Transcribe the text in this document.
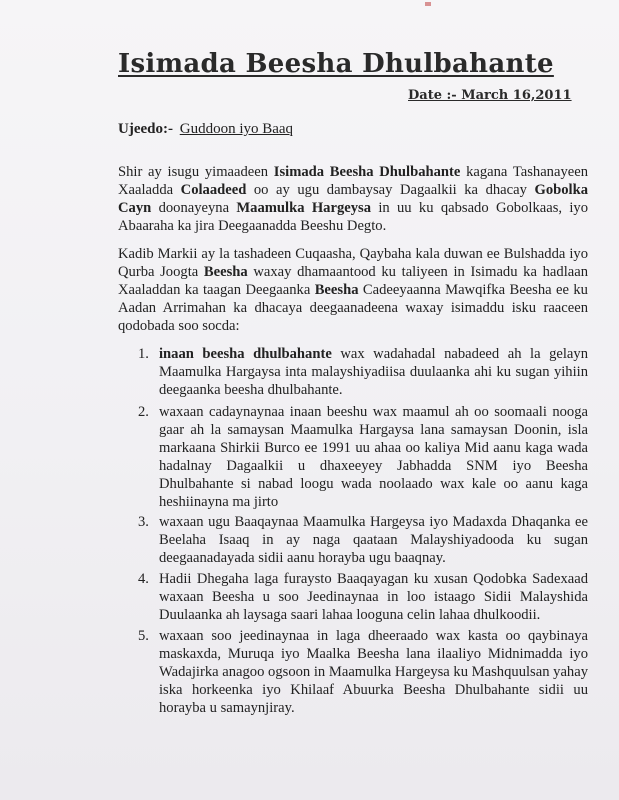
Isimada Beesha Dhulbahante
Date :- March 16,2011
Ujeedo:- Guddoon iyo Baaq

Shir ay isugu yimaadeen Isimada Beesha Dhulbahante kagana Tashanayeen Xaaladda Colaadeed oo ay ugu dambaysay Dagaalkii ka dhacay Gobolka Cayn doonayeyna Maamulka Hargeysa in uu ku qabsado Gobolkaas, iyo Abaaraha ka jira Deegaanadda Beeshu Degto.

Kadib Markii ay la tashadeen Cuqaasha, Qaybaha kala duwan ee Bulshadda iyo Qurba Joogta Beesha waxay dhamaantood ku taliyeen in Isimadu ka hadlaan Xaaladdan ka taagan Deegaanka Beesha Cadeeyaanna Mawqifka Beesha ee ku Aadan Arrimahan ka dhacaya deegaanadeena waxay isimaddu isku raaceen qodobada soo socda:

1. inaan beesha dhulbahante wax wadahadal nabadeed ah la gelayn Maamulka Hargaysa inta malayshiyadiisa duulaanka ahi ku sugan yihiin deegaanka beesha dhulbahante.
2. waxaan cadaynaynaa inaan beeshu wax maamul ah oo soomaali nooga gaar ah la samaysan Maamulka Hargaysa lana samaysan Doonin, isla markaana Shirkii Burco ee 1991 uu ahaa oo kaliya Mid aanu kaga wada hadalnay Dagaalkii u dhaxeeyey Jabhadda SNM iyo Beesha Dhulbahante si nabad loogu wada noolaado wax kale oo aanu kaga heshiinayna ma jirto
3. waxaan ugu Baaqaynaa Maamulka Hargeysa iyo Madaxda Dhaqanka ee Beelaha Isaaq in ay naga qaataan Malayshiyadooda ku sugan deegaanadayada sidii aanu horayba ugu baaqnay.
4. Hadii Dhegaha laga furaysto Baaqayagan ku xusan Qodobka Sadexaad waxaan Beesha u soo Jeedinaynaa in loo istaago Sidii Malayshida Duulaanka ah laysaga saari lahaa looguna celin lahaa dhulkoodii.
5. waxaan soo jeedinaynaa in laga dheeraado wax kasta oo qaybinaya maskaxda, Muruqa iyo Maalka Beesha lana ilaaliyo Midnimadda iyo Wadajirka anagoo ogsoon in Maamulka Hargeysa ku Mashquulsan yahay iska horkeenka iyo Khilaaf Abuurka Beesha Dhulbahante sidii uu horayba u samaynjiray.
